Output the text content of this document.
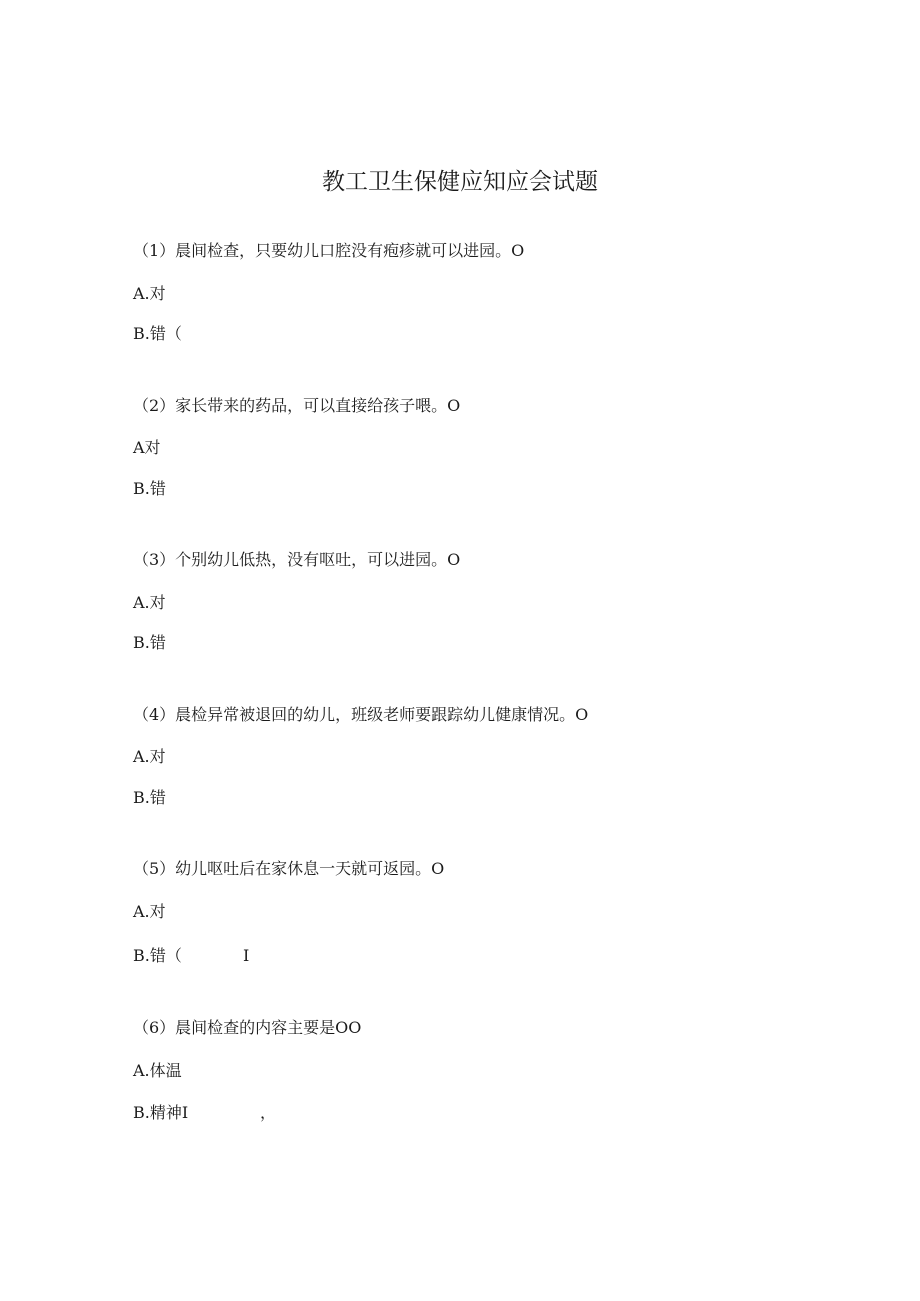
教工卫生保健应知应会试题
（1）晨间检查，只要幼儿口腔没有疱疹就可以进园。O
A.对
B.错（
（2）家长带来的药品，可以直接给孩子喂。O
A对
B.错
（3）个别幼儿低热，没有呕吐，可以进园。O
A.对
B.错
（4）晨检异常被退回的幼儿，班级老师要跟踪幼儿健康情况。O
A.对
B.错
（5）幼儿呕吐后在家休息一天就可返园。O
A.对
B.错（	I
（6）晨间检查的内容主要是OO
A.体温
B.精神I	，
